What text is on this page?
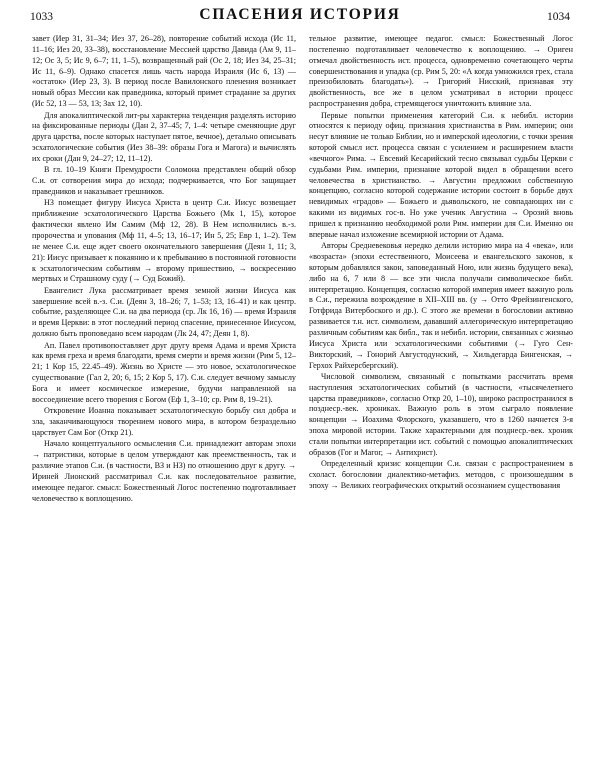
1033	СПАСЕНИЯ ИСТОРИЯ	1034

завет (Иер 31, 31–34; Иез 37, 26–28), повторение событий исхода (Ис 11, 11–16; Иез 20, 33–38), восстановление Мессией царство Давида (Ам 9, 11–12; Ос 3, 5; Ис 9, 6–7; 11, 1–5), возвращенный рай (Ос 2, 18; Иез 34, 25–31; Ис 11, 6–9). Однако спасется лишь часть народа Израиля (Ис 6, 13) — «остаток» (Иер 23, 3). В период после Вавилонского пленения возникает новый образ Мессии как праведника, который примет страдание за других (Ис 52, 13 — 53, 13; Зах 12, 10).

Для апокалиптической лит-ры характерна тенденция разделять историю на фиксированные периоды (Дан 2, 37–45; 7, 1–4: четыре сменяющие друг друга царства, после которых наступает пятое, вечное), детально описывать эсхатологические события (Иез 38–39: образы Гога и Магога) и вычислять их сроки (Дан 9, 24–27; 12, 11–12).

В гл. 10–19 Книги Премудрости Соломона представлен общий обзор С.и. от сотворения мира до исхода; подчеркивается, что Бог защищает праведников и наказывает грешников.

НЗ помещает фигуру Иисуса Христа в центр С.и. Иисус возвещает приближение эсхатологического Царства Божьего (Мк 1, 15), которое фактически явлено Им Самим (Мф 12, 28). В Нем исполнились в.-з. пророчества и упования (Мф 11, 4–5; 13, 16–17; Ин 5, 25; Евр 1, 1–2). Тем не менее С.и. еще ждет своего окончательного завершения (Деян 1, 11; 3, 21): Иисус призывает к покаянию и к пребыванию в постоянной готовности к эсхатологическим событиям → второму пришествию, → воскресению мертвых и Страшному суду (→ Суд Божий).

Евангелист Лука рассматривает время земной жизни Иисуса как завершение всей в.-з. С.и. (Деян 3, 18–26; 7, 1–53; 13, 16–41) и как центр. событие, разделяющее С.и. на два периода (ср. Лк 16, 16) — время Израиля и время Церкви: в этот последний период спасение, принесенное Иисусом, должно быть проповедано всем народам (Лк 24, 47; Деян 1, 8).

Ап. Павел противопоставляет друг другу время Адама и время Христа как время греха и время благодати, время смерти и время жизни (Рим 5, 12–21; 1 Кор 15, 22.45–49). Жизнь во Христе — это новое, эсхатологическое существование (Гал 2, 20; 6, 15; 2 Кор 5, 17). С.и. следует вечному замыслу Бога и имеет космическое измерение, будучи направленной на воссоединение всего творения с Богом (Еф 1, 3–10; ср. Рим 8, 19–21).

Откровение Иоанна показывает эсхатологическую борьбу сил добра и зла, заканчивающуюся творением нового мира, в котором безраздельно царствует Сам Бог (Откр 21).

Начало концептуального осмысления С.и. принадлежит авторам эпохи → патристики, которые в целом утверждают как преемственность, так и различие этапов С.и. (в частности, ВЗ и НЗ) по отношению друг к другу. → Ириней Лионский рассматривал С.и. как последовательное развитие, имеющее педагог. смысл: Божественный Логос постепенно подготавливает человечество к воплощению.

тельное развитие, имеющее педагог. смысл: Божественный Логос постепенно подготавливает человечество к воплощению. → Ориген отмечал двойственность ист. процесса, одновременно сочетающего черты совершенствования и упадка (ср. Рим 5, 20: «А когда умножился грех, стала преизобиловать благодать»). → Григорий Нисский, признавая эту двойственность, все же в целом усматривал в истории процесс распространения добра, стремящегося уничтожить влияние зла.

Первые попытки применения категорий С.и. к небибл. истории относятся к периоду офиц. признания христианства в Рим. империи; они несут влияние не только Библии, но и имперской идеологии, с точки зрения которой смысл ист. процесса связан с усилением и расширением власти «вечного» Рима. → Евсевий Кесарийский тесно связывал судьбы Церкви с судьбами Рим. империи, признание которой видел в обращении всего человечества в христианство. → Августин предложил собственную концепцию, согласно которой содержание истории состоит в борьбе двух невидимых «градов» — Божьего и дьявольского, не совпадающих ни с какими из видимых гос-в. Но уже ученик Августина → Орозий вновь пришел к признанию необходимой роли Рим. империи для С.и. Именно он впервые начал изложение всемирной истории от Адама.

Авторы Средневековья нередко делили историю мира на 4 «века», или «возраста» (эпохи естественного, Моисеева и евангельского законов, к которым добавлялся закон, заповеданный Ною, или жизнь будущего века), либо на 6, 7 или 8 — все эти числа получали символическое библ. интерпретацию. Концепция, согласно которой империя имеет важную роль в С.и., пережила возрождение в XII–XIII вв. (у → Отто Фрейзингенского, Готфрида Витербоского и др.). С этого же времени в богословии активно развивается т.н. ист. символизм, дававший аллегорическую интерпретацию различным событиям как библ., так и небибл. истории, связанных с жизнью Иисуса Христа или эсхатологическими событиями (→ Гуго Сен-Викторский, → Гонорий Августодунский, → Хильдегарда Бингенская, → Герхох Райхерсбергский).

Числовой символизм, связанный с попытками рассчитать время наступления эсхатологических событий (в частности, «тысячелетнего царства праведников», согласно Откр 20, 1–10), широко распространился в позднеср.-век. хрониках. Важную роль в этом сыграло появление концепции → Иоахима Флорского, указавшего, что в 1260 начнется 3-я эпоха мировой истории. Также характерными для позднеср.-век. хроник стали попытки интерпретации ист. событий с помощью апокалиптических образов (Гог и Магог, → Антихрист).

Определенный кризис концепции С.и. связан с распространением в схоласт. богословии диалектико-метафиз. методов, с произошедшим в эпоху → Великих географических открытий осознанием существования
